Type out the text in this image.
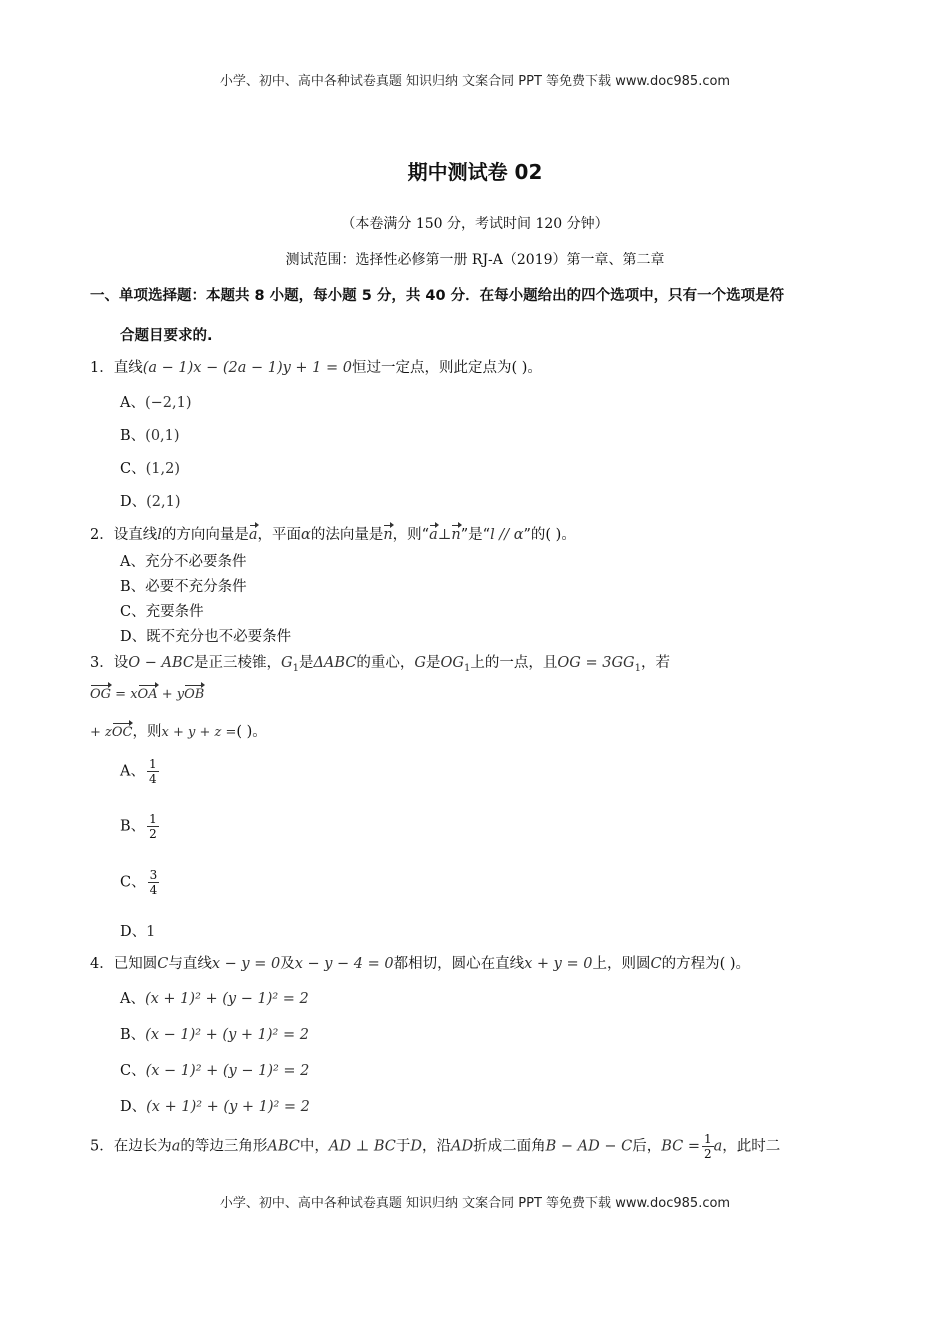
小学、初中、高中各种试卷真题 知识归纳 文案合同 PPT 等免费下载 www.doc985.com
期中测试卷 02
（本卷满分 150 分，考试时间 120 分钟）
测试范围：选择性必修第一册 RJ-A（2019）第一章、第二章
一、单项选择题：本题共 8 小题，每小题 5 分，共 40 分．在每小题给出的四个选项中，只有一个选项是符
合题目要求的.
1．直线(a − 1)x − (2a − 1)y + 1 = 0恒过一定点，则此定点为( )。
A、(−2,1)
B、(0,1)
C、(1,2)
D、(2,1)
2．设直线l的方向向量是a，平面α的法向量是n，则“a⊥n”是“l // α”的( )。
A、充分不必要条件
B、必要不充分条件
C、充要条件
D、既不充分也不必要条件
3．设O − ABC是正三棱锥，$G_1$是ΔABC的重心，G是$OG_1$上的一点，且OG = $3GG_1$，若
OG = xOA + yOB
+ zOC，则x + y + z =( )。
A、 $\frac{1}{4}$
B、 $\frac{1}{2}$
C、 $\frac{3}{4}$
D、1
4．已知圆C与直线x − y = 0及x − y − 4 = 0都相切，圆心在直线x + y = 0上，则圆C的方程为( )。
A、(x + 1)² + (y − 1)² = 2
B、(x − 1)² + (y + 1)² = 2
C、(x − 1)² + (y − 1)² = 2
D、(x + 1)² + (y + 1)² = 2
5．在边长为a的等边三角形ABC中，AD ⊥ BC于D，沿AD折成二面角B − AD − C后，BC = $\frac{1}{2}$ a，此时二
小学、初中、高中各种试卷真题 知识归纳 文案合同 PPT 等免费下载 www.doc985.com
